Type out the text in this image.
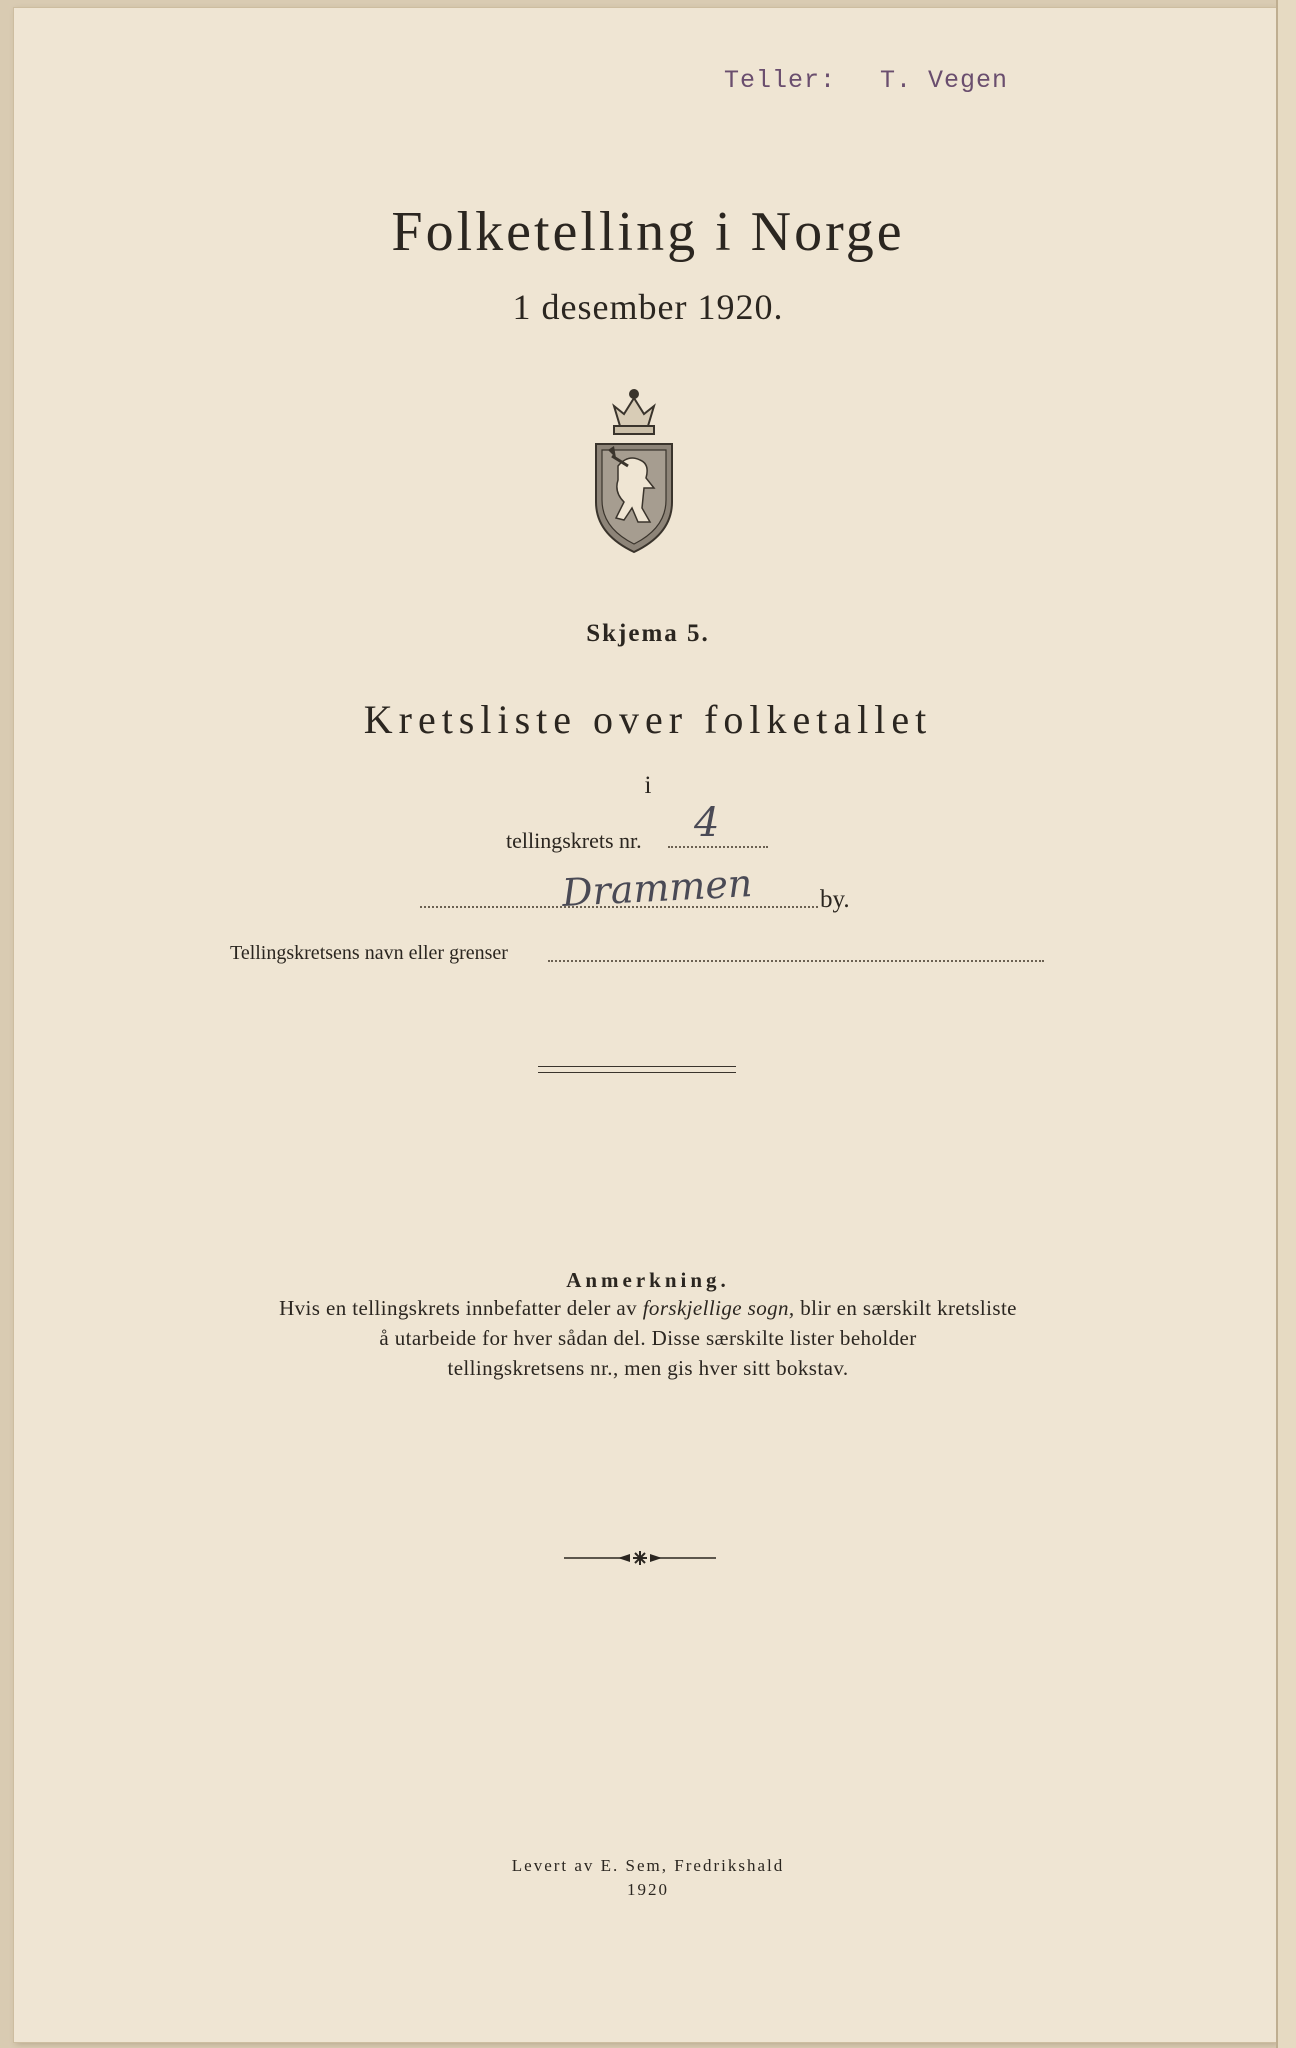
Teller: T. Vegen
Folketelling i Norge
1 desember 1920.
Skjema 5.
Kretsliste over folketallet
i
tellingskrets nr. 4
Drammen	by.
Tellingskretsens navn eller grenser
Anmerkning.
Hvis en tellingskrets innbefatter deler av forskjellige sogn, blir en særskilt kretsliste
å utarbeide for hver sådan del. Disse særskilte lister beholder
tellingskretsens nr., men gis hver sitt bokstav.
Levert av E. Sem, Fredrikshald
1920
